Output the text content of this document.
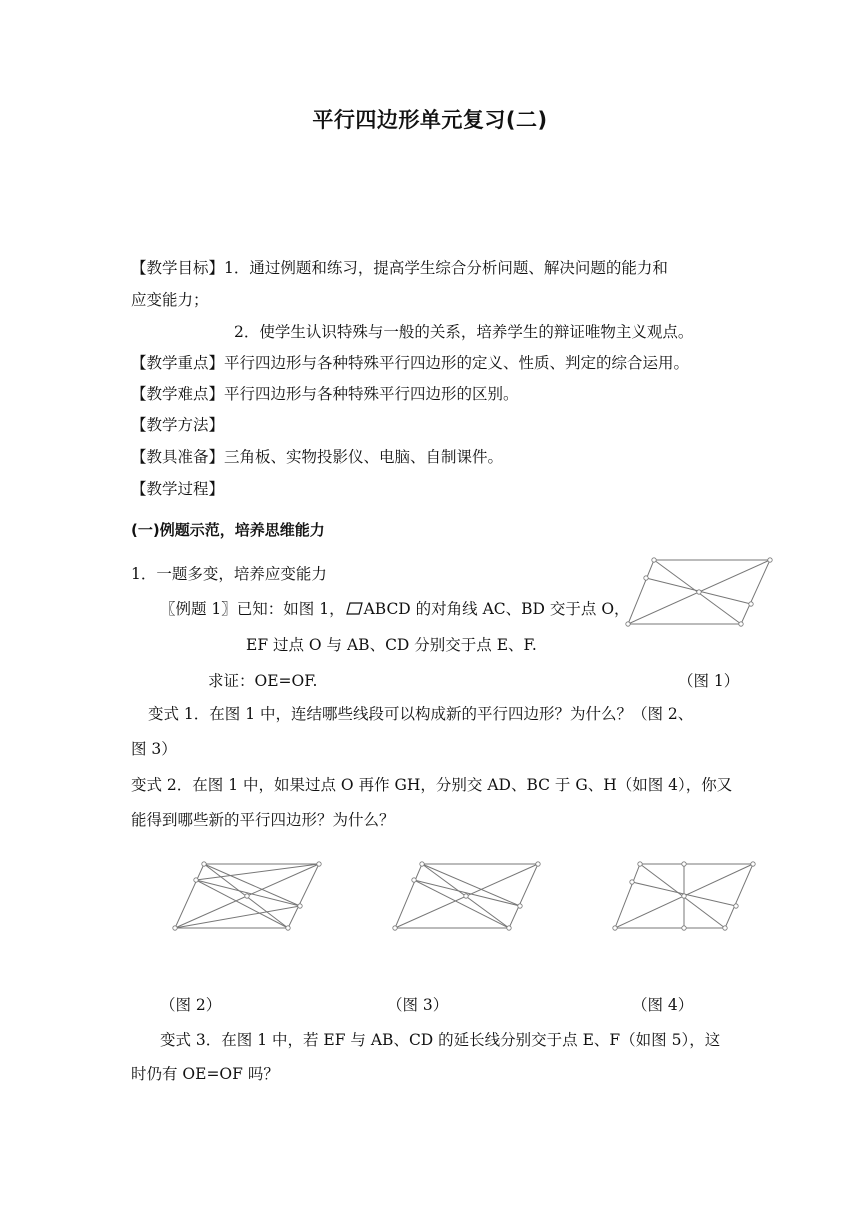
平行四边形单元复习(二)
【教学目标】1．通过例题和练习，提高学生综合分析问题、解决问题的能力和
应变能力；
2．使学生认识特殊与一般的关系，培养学生的辩证唯物主义观点。
【教学重点】平行四边形与各种特殊平行四边形的定义、性质、判定的综合运用。
【教学难点】平行四边形与各种特殊平行四边形的区别。
【教学方法】
【教具准备】三角板、实物投影仪、电脑、自制课件。
【教学过程】
(一)例题示范，培养思维能力
1．一题多变，培养应变能力
〖例题 1〗已知：如图 1， ABCD 的对角线 AC、BD 交于点 O，
EF 过点 O 与 AB、CD 分别交于点 E、F.
求证：OE=OF.	（图 1）
变式 1．在图 1 中，连结哪些线段可以构成新的平行四边形？为什么？（图 2、
图 3）
变式 2．在图 1 中，如果过点 O 再作 GH，分别交 AD、BC 于 G、H（如图 4），你又
能得到哪些新的平行四边形？为什么？
（图 2）	（图 3）	（图 4）
变式 3．在图 1 中，若 EF 与 AB、CD 的延长线分别交于点 E、F（如图 5），这
时仍有 OE=OF 吗？
